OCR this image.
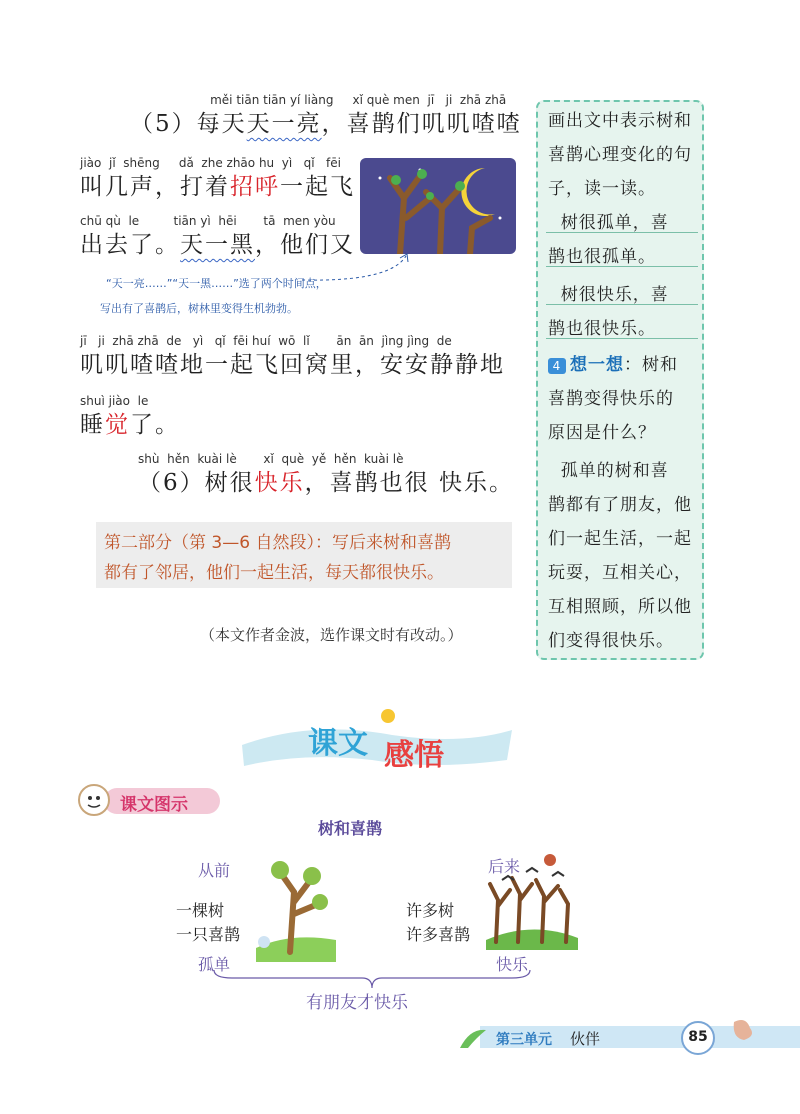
měi tiān tiān yí liàng     xǐ què men  jī   ji  zhā zhā
（5）每天天一亮，喜鹊们叽叽喳喳
jiào  jǐ  shēng     dǎ  zhe zhāo hu  yì   qǐ   fēi
叫几声，打着招呼一起飞
chū qù  le         tiān yì  hēi       tā  men yòu
出去了。天一黑，他们又
“天一亮……”“天一黑……”选了两个时间点，
写出有了喜鹊后，树林里变得生机勃勃。
jī   ji  zhā zhā  de   yì   qǐ  fēi huí  wō  lǐ       ān  ān  jìng jìng  de
叽叽喳喳地一起飞回窝里，安安静静地
shuì jiào  le
睡觉了。
shù  hěn  kuài lè       xǐ  què  yě  hěn  kuài lè
（6）树很快乐，喜鹊也很 快乐。
第二部分（第 3—6 自然段）：写后来树和喜鹊
都有了邻居，他们一起生活，每天都很快乐。
（本文作者金波，选作课文时有改动。）
画出文中表示树和
喜鹊心理变化的句
子，读一读。
树很孤单，喜
鹊也很孤单。
树很快乐，喜
鹊也很快乐。
4 想一想：树和
喜鹊变得快乐的
原因是什么？
孤单的树和喜
鹊都有了朋友，他
们一起生活，一起
玩耍，互相关心，
互相照顾，所以他
们变得很快乐。
课文 感悟
课文图示
树和喜鹊
从前
一棵树
一只喜鹊
孤单
后来
许多树
许多喜鹊
快乐
有朋友才快乐
第三单元 伙伴	85
